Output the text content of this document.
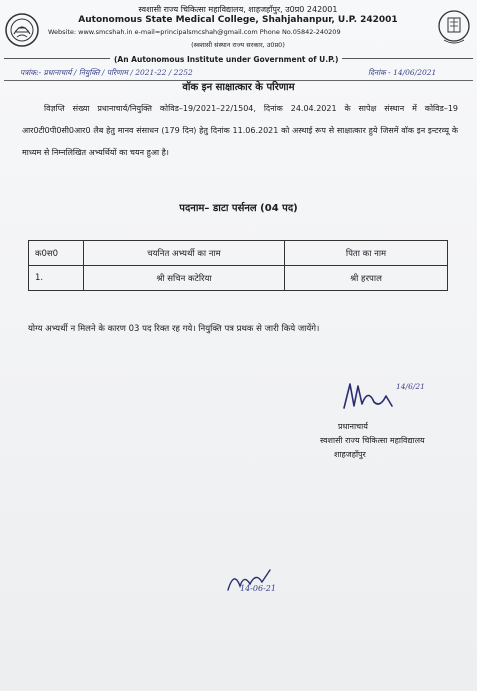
स्वशासी राज्य चिकित्सा महाविद्यालय, शाहजहाँपुर, उ0प्र0 242001
Autonomous State Medical College, Shahjahanpur, U.P. 242001
Website: www.smcshah.in e-mail=principalsmcshah@gmail.com Phone No.05842-240209
(स्वशासी संस्थान राज्य सरकार, उ0प्र0)
(An Autonomous Institute under Government of U.P.)
पत्रांक:- प्रधानाचार्य / नियुक्ति / परिणाम / 2021-22 / 2252	दिनांक - 14/06/2021
वॉक इन साक्षात्कार के परिणाम
विज्ञप्ति संख्या प्रधानाचार्य/नियुक्ति कोविड–19/2021–22/1504, दिनांक 24.04.2021 के सापेक्ष संस्थान में कोविड–19 आर0टी0पी0सी0आर0 लैब हेतु मानव संसाधन (179 दिन) हेतु दिनांक 11.06.2021 को अस्थाई रूप से साक्षात्कार हुये जिसमें वॉक इन इन्टरव्यू के माध्यम से निम्नलिखित अभ्यर्थियों का चयन हुआ है।
पदनाम– डाटा पर्सनल (04 पद)
क0स0	चयनित अभ्यर्थी का नाम	पिता का नाम
1.	श्री सचिन कटेरिया	श्री हरपाल
योग्य अभ्यर्थी न मिलने के कारण 03 पद रिक्त रह गये। नियुक्ति पत्र प्रथक से जारी किये जायेंगे।
14/6/21
प्रधानाचार्य
स्वशासी राज्य चिकित्सा महाविद्यालय
शाहजहाँपुर
14-06-21
